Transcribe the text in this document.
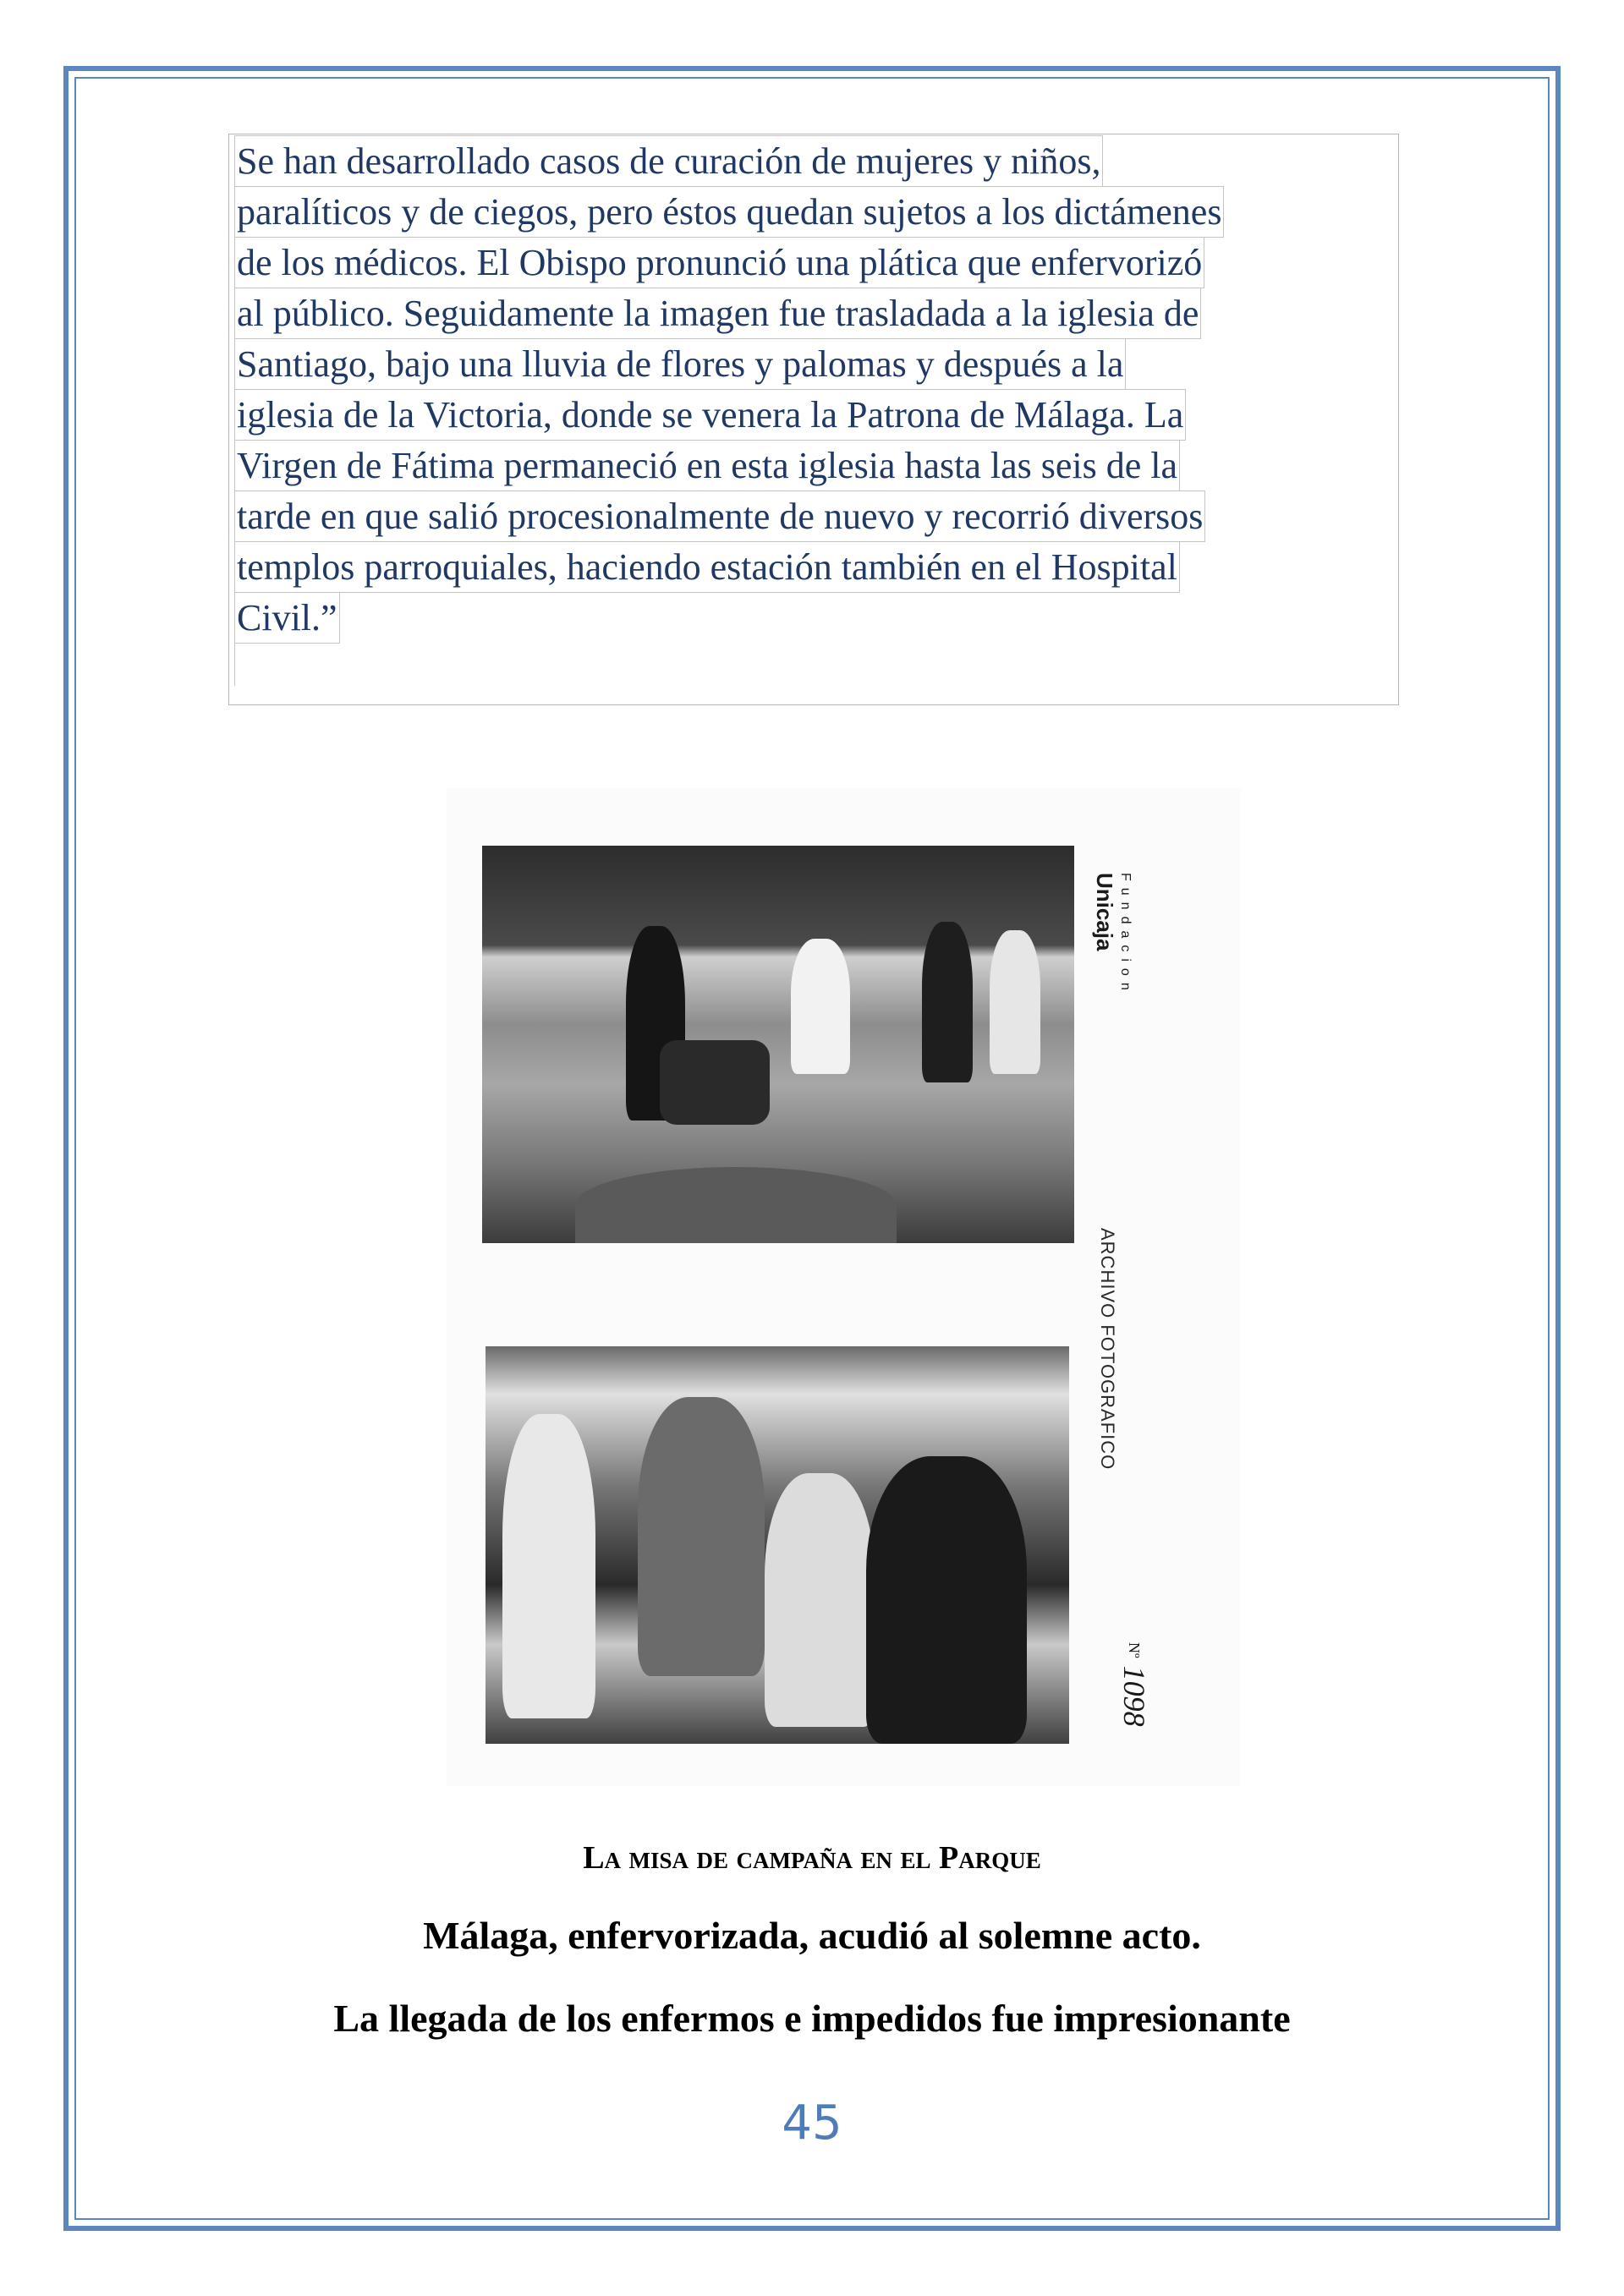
Se han desarrollado casos de curación de mujeres y niños,
paralíticos y de ciegos, pero éstos quedan sujetos a los dictámenes
de los médicos. El Obispo pronunció una plática que enfervorizó
al público. Seguidamente la imagen fue trasladada a la iglesia de
Santiago, bajo una lluvia de flores y palomas y después a la
iglesia de la Victoria, donde se venera la Patrona de Málaga. La
Virgen de Fátima permaneció en esta iglesia hasta las seis de la
tarde en que salió procesionalmente de nuevo y recorrió diversos
templos parroquiales, haciendo estación también en el Hospital
Civil.”
Fundacion Unicaja
ARCHIVO FOTOGRAFICO
Nº 1098
La misa de campaña en el Parque
Málaga, enfervorizada, acudió al solemne acto.
La llegada de los enfermos e impedidos fue impresionante
45
